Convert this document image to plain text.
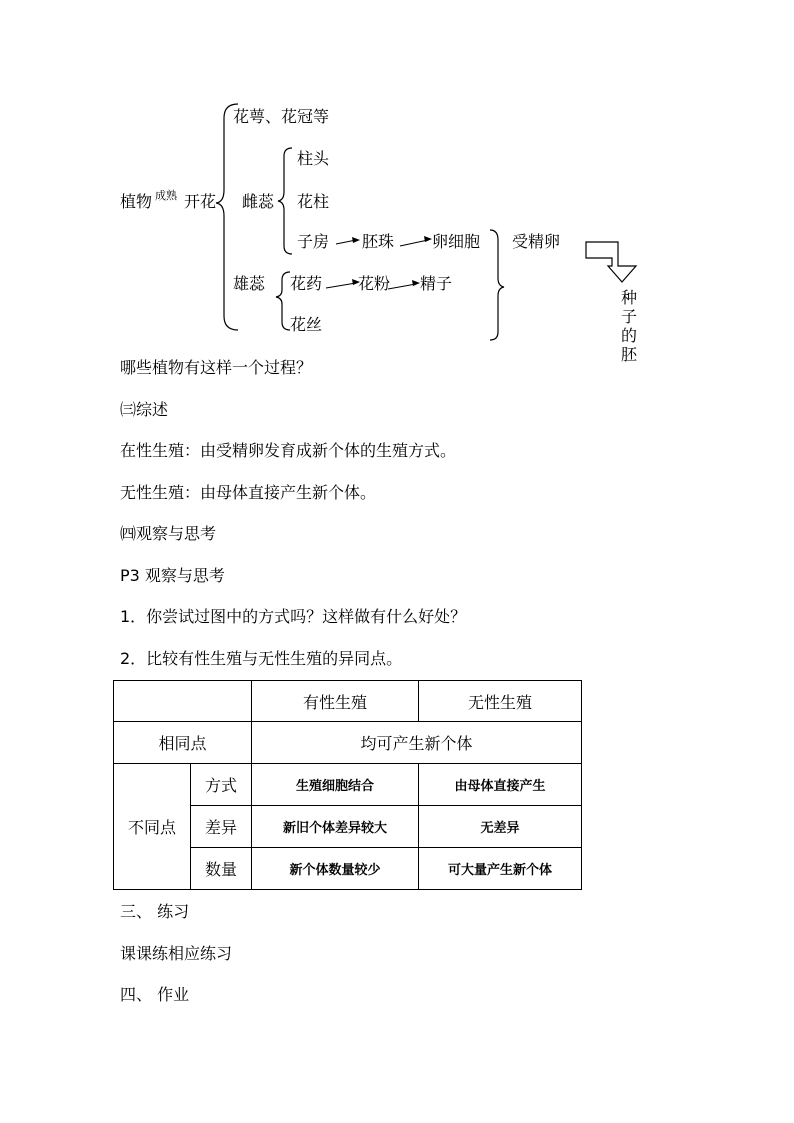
植物 成熟 开花
花萼、花冠等
雌蕊
柱头
花柱
子房 胚珠 卵细胞 受精卵
雄蕊 花药 花粉 精子
花丝
种
子
的
胚
哪些植物有这样一个过程？
㈢综述
在性生殖：由受精卵发育成新个体的生殖方式。
无性生殖：由母体直接产生新个体。
㈣观察与思考
P3 观察与思考
1．你尝试过图中的方式吗？这样做有什么好处？
2．比较有性生殖与无性生殖的异同点。
		有性生殖	无性生殖
相同点		均可产生新个体	
不同点	方式	生殖细胞结合	由母体直接产生
	差异	新旧个体差异较大	无差异
	数量	新个体数量较少	可大量产生新个体
三、 练习
课课练相应练习
四、 作业
